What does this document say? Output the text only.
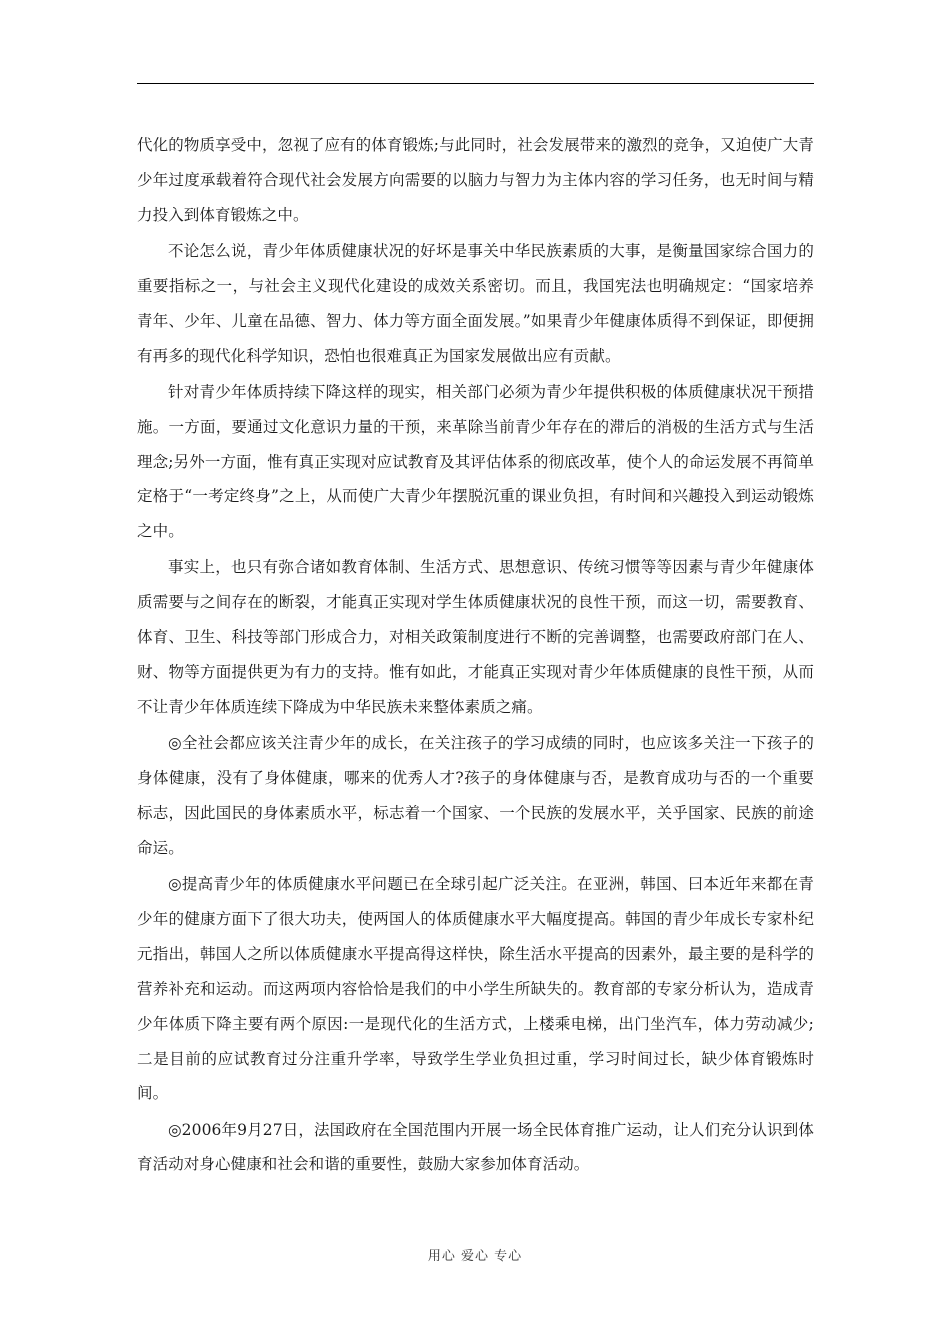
代化的物质享受中，忽视了应有的体育锻炼;与此同时，社会发展带来的激烈的竞争，又迫使广大青少年过度承载着符合现代社会发展方向需要的以脑力与智力为主体内容的学习任务，也无时间与精力投入到体育锻炼之中。

不论怎么说，青少年体质健康状况的好坏是事关中华民族素质的大事，是衡量国家综合国力的重要指标之一，与社会主义现代化建设的成效关系密切。而且，我国宪法也明确规定：“国家培养青年、少年、儿童在品德、智力、体力等方面全面发展。”如果青少年健康体质得不到保证，即便拥有再多的现代化科学知识，恐怕也很难真正为国家发展做出应有贡献。

针对青少年体质持续下降这样的现实，相关部门必须为青少年提供积极的体质健康状况干预措施。一方面，要通过文化意识力量的干预，来革除当前青少年存在的滞后的消极的生活方式与生活理念;另外一方面，惟有真正实现对应试教育及其评估体系的彻底改革，使个人的命运发展不再简单定格于“一考定终身”之上，从而使广大青少年摆脱沉重的课业负担，有时间和兴趣投入到运动锻炼之中。

事实上，也只有弥合诸如教育体制、生活方式、思想意识、传统习惯等等因素与青少年健康体质需要与之间存在的断裂，才能真正实现对学生体质健康状况的良性干预，而这一切，需要教育、体育、卫生、科技等部门形成合力，对相关政策制度进行不断的完善调整，也需要政府部门在人、财、物等方面提供更为有力的支持。惟有如此，才能真正实现对青少年体质健康的良性干预，从而不让青少年体质连续下降成为中华民族未来整体素质之痛。

◎全社会都应该关注青少年的成长，在关注孩子的学习成绩的同时，也应该多关注一下孩子的身体健康，没有了身体健康，哪来的优秀人才?孩子的身体健康与否，是教育成功与否的一个重要标志，因此国民的身体素质水平，标志着一个国家、一个民族的发展水平，关乎国家、民族的前途命运。

◎提高青少年的体质健康水平问题已在全球引起广泛关注。在亚洲，韩国、曰本近年来都在青少年的健康方面下了很大功夫，使两国人的体质健康水平大幅度提高。韩国的青少年成长专家朴纪元指出，韩国人之所以体质健康水平提高得这样快，除生活水平提高的因素外，最主要的是科学的营养补充和运动。而这两项内容恰恰是我们的中小学生所缺失的。教育部的专家分析认为，造成青少年体质下降主要有两个原因:一是现代化的生活方式，上楼乘电梯，出门坐汽车，体力劳动减少;二是目前的应试教育过分注重升学率，导致学生学业负担过重，学习时间过长，缺少体育锻炼时间。

◎2006年9月27日，法国政府在全国范围内开展一场全民体育推广运动，让人们充分认识到体育活动对身心健康和社会和谐的重要性，鼓励大家参加体育活动。

用心 爱心 专心
